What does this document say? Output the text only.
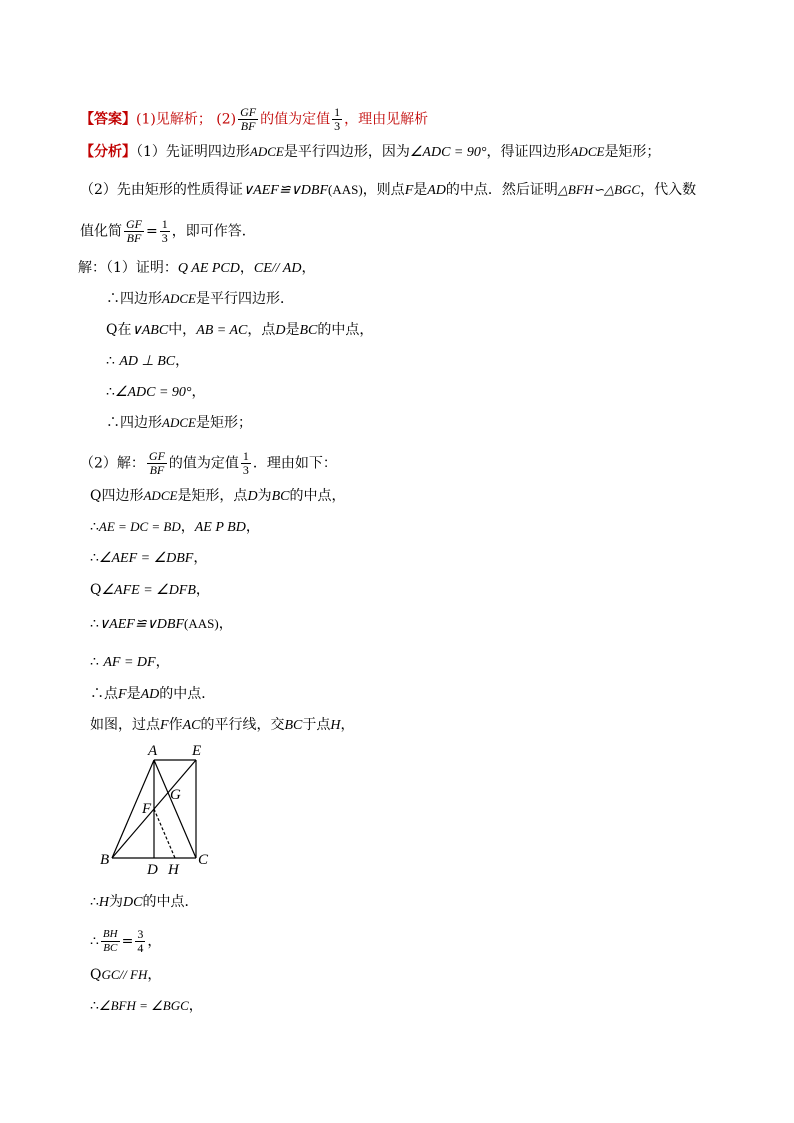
【答案】(1)见解析； $(2) \frac{GF}{BF}$ 的值为定值 $\frac{1}{3}$ ，理由见解析
【分析】（1）先证明四边形ADCE是平行四边形，因为∠ADC = 90°，得证四边形ADCE是矩形；
（2）先由矩形的性质得证∨AEF≌∨DBF(AAS)，则点F是AD的中点．然后证明△BFH∽△BGC，代入数
值化简 $\frac{GF}{BF} = \frac{1}{3}$ ，即可作答．
解：（1）证明：Q AE PCD，CE// AD，
∴四边形ADCE是平行四边形．
Q在∨ABC中，AB = AC，点D是BC的中点，
∴ AD ⊥ BC，
∴∠ADC = 90°，
∴四边形ADCE是矩形；
（2）解： $\frac{GF}{BF}$ 的值为定值 $\frac{1}{3}$ ．理由如下：
Q四边形ADCE是矩形，点D为BC的中点，
∴AE = DC = BD，AE P BD，
∴∠AEF = ∠DBF，
Q∠AFE = ∠DFB，
∴∨AEF≌∨DBF(AAS)，
∴ AF = DF，
∴点F是AD的中点．
如图，过点F作AC的平行线，交BC于点H，
A E
F
G
B
D H
C
∴H为DC的中点．
∴ $\frac{BH}{BC} = \frac{3}{4}$ ，
QGC// FH，
∴∠BFH = ∠BGC，
